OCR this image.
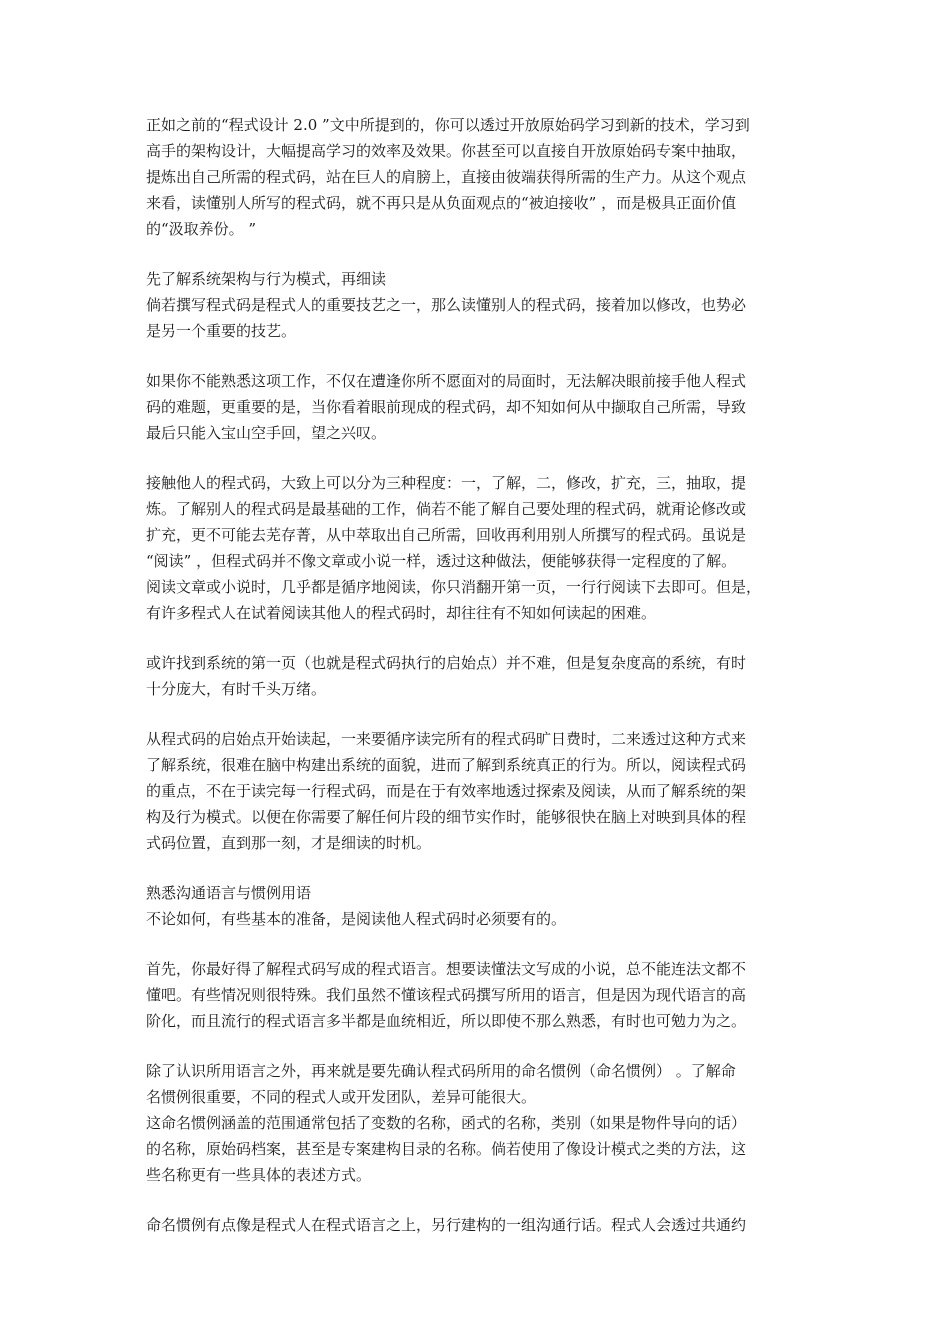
正如之前的“程式设计 2.0 ”文中所提到的，你可以透过开放原始码学习到新的技术，学习到
高手的架构设计，大幅提高学习的效率及效果。你甚至可以直接自开放原始码专案中抽取，
提炼出自己所需的程式码，站在巨人的肩膀上，直接由彼端获得所需的生产力。从这个观点
来看，读懂别人所写的程式码，就不再只是从负面观点的“被迫接收” ，而是极具正面价值
的“汲取养份。 ”

先了解系统架构与行为模式，再细读
倘若撰写程式码是程式人的重要技艺之一，那么读懂别人的程式码，接着加以修改，也势必
是另一个重要的技艺。

如果你不能熟悉这项工作，不仅在遭逢你所不愿面对的局面时，无法解决眼前接手他人程式
码的难题，更重要的是，当你看着眼前现成的程式码，却不知如何从中撷取自己所需，导致
最后只能入宝山空手回，望之兴叹。

接触他人的程式码，大致上可以分为三种程度：一，了解，二，修改，扩充，三，抽取，提
炼。了解别人的程式码是最基础的工作，倘若不能了解自己要处理的程式码，就甭论修改或
扩充，更不可能去芜存菁，从中萃取出自己所需，回收再利用别人所撰写的程式码。虽说是
“阅读” ，但程式码并不像文章或小说一样，透过这种做法，便能够获得一定程度的了解。
阅读文章或小说时，几乎都是循序地阅读，你只消翻开第一页，一行行阅读下去即可。但是，
有许多程式人在试着阅读其他人的程式码时，却往往有不知如何读起的困难。

或许找到系统的第一页（也就是程式码执行的启始点）并不难，但是复杂度高的系统，有时
十分庞大，有时千头万绪。

从程式码的启始点开始读起，一来要循序读完所有的程式码旷日费时，二来透过这种方式来
了解系统，很难在脑中构建出系统的面貌，进而了解到系统真正的行为。所以，阅读程式码
的重点，不在于读完每一行程式码，而是在于有效率地透过探索及阅读，从而了解系统的架
构及行为模式。以便在你需要了解任何片段的细节实作时，能够很快在脑上对映到具体的程
式码位置，直到那一刻，才是细读的时机。

熟悉沟通语言与惯例用语
不论如何，有些基本的准备，是阅读他人程式码时必须要有的。

首先，你最好得了解程式码写成的程式语言。想要读懂法文写成的小说，总不能连法文都不
懂吧。有些情况则很特殊。我们虽然不懂该程式码撰写所用的语言，但是因为现代语言的高
阶化，而且流行的程式语言多半都是血统相近，所以即使不那么熟悉，有时也可勉力为之。

除了认识所用语言之外，再来就是要先确认程式码所用的命名惯例（命名惯例） 。了解命
名惯例很重要，不同的程式人或开发团队，差异可能很大。
这命名惯例涵盖的范围通常包括了变数的名称，函式的名称，类别（如果是物件导向的话）
的名称，原始码档案，甚至是专案建构目录的名称。倘若使用了像设计模式之类的方法，这
些名称更有一些具体的表述方式。

命名惯例有点像是程式人在程式语言之上，另行建构的一组沟通行话。程式人会透过共通约
